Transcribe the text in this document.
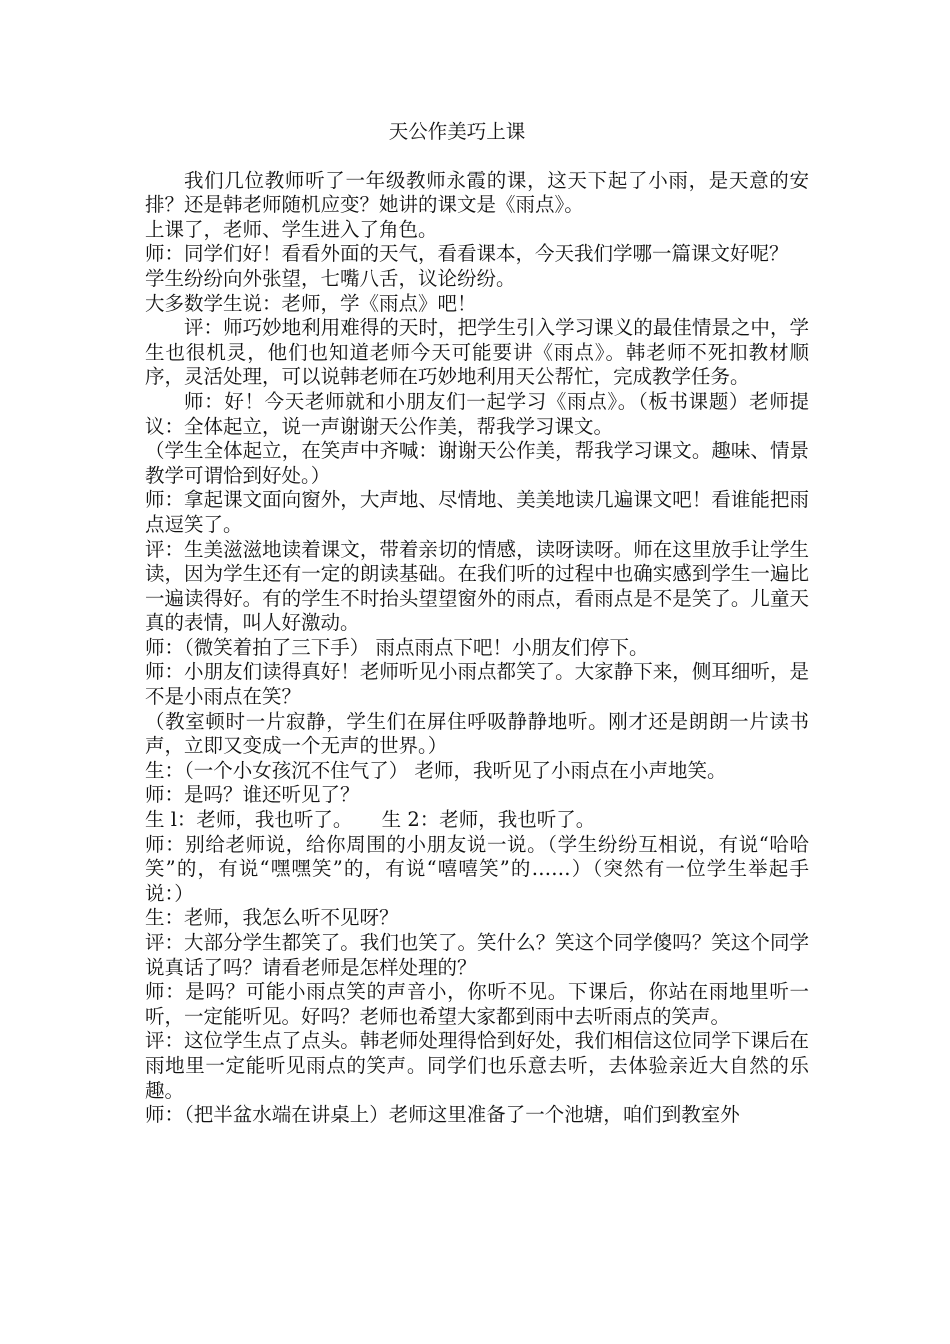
天公作美巧上课

我们几位教师听了一年级教师永霞的课，这天下起了小雨，是天意的安排？还是韩老师随机应变？她讲的课文是《雨点》。

上课了，老师、学生进入了角色。

师：同学们好！看看外面的天气，看看课本，今天我们学哪一篇课文好呢？

学生纷纷向外张望，七嘴八舌，议论纷纷。

大多数学生说：老师，学《雨点》吧！

评：师巧妙地利用难得的天时，把学生引入学习课义的最佳情景之中，学生也很机灵，他们也知道老师今天可能要讲《雨点》。韩老师不死扣教材顺序，灵活处理，可以说韩老师在巧妙地利用天公帮忙，完成教学任务。

师：好！今天老师就和小朋友们一起学习《雨点》。（板书课题）老师提议：全体起立，说一声谢谢天公作美，帮我学习课文。

（学生全体起立，在笑声中齐喊：谢谢天公作美，帮我学习课文。趣味、情景教学可谓恰到好处。）

师：拿起课文面向窗外，大声地、尽情地、美美地读几遍课文吧！看谁能把雨点逗笑了。

评：生美滋滋地读着课文，带着亲切的情感，读呀读呀。师在这里放手让学生读，因为学生还有一定的朗读基础。在我们听的过程中也确实感到学生一遍比一遍读得好。有的学生不时抬头望望窗外的雨点，看雨点是不是笑了。儿童天真的表情，叫人好激动。

师：（微笑着拍了三下手） 雨点雨点下吧！小朋友们停下。

师：小朋友们读得真好！老师听见小雨点都笑了。大家静下来，侧耳细听，是不是小雨点在笑？

（教室顿时一片寂静，学生们在屏住呼吸静静地听。刚才还是朗朗一片读书声，立即又变成一个无声的世界。）

生：（一个小女孩沉不住气了） 老师，我听见了小雨点在小声地笑。

师：是吗？谁还听见了？

生 l：老师，我也听了。　　生 2：老师，我也听了。

师：别给老师说，给你周围的小朋友说一说。（学生纷纷互相说，有说“哈哈笑”的，有说“嘿嘿笑”的，有说“嘻嘻笑”的……）（突然有一位学生举起手说：）

生：老师，我怎么听不见呀？

评：大部分学生都笑了。我们也笑了。笑什么？笑这个同学傻吗？笑这个同学说真话了吗？请看老师是怎样处理的？

师：是吗？可能小雨点笑的声音小，你听不见。下课后，你站在雨地里听一听，一定能听见。好吗？老师也希望大家都到雨中去听雨点的笑声。

评：这位学生点了点头。韩老师处理得恰到好处，我们相信这位同学下课后在雨地里一定能听见雨点的笑声。同学们也乐意去听，去体验亲近大自然的乐趣。

师：（把半盆水端在讲桌上）老师这里准备了一个池塘，咱们到教室外
